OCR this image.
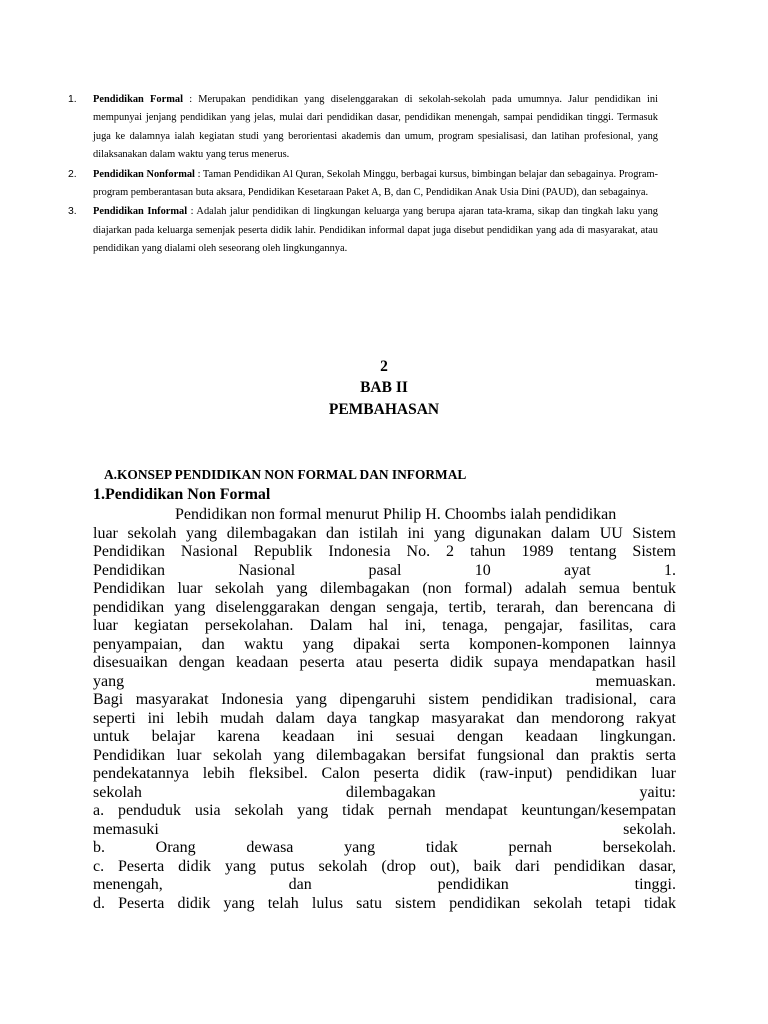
1. Pendidikan Formal : Merupakan pendidikan yang diselenggarakan di sekolah-sekolah pada umumnya. Jalur pendidikan ini mempunyai jenjang pendidikan yang jelas, mulai dari pendidikan dasar, pendidikan menengah, sampai pendidikan tinggi. Termasuk juga ke dalamnya ialah kegiatan studi yang berorientasi akademis dan umum, program spesialisasi, dan latihan profesional, yang dilaksanakan dalam waktu yang terus menerus.

2. Pendidikan Nonformal : Taman Pendidikan Al Quran, Sekolah Minggu, berbagai kursus, bimbingan belajar dan sebagainya. Program-program pemberantasan buta aksara, Pendidikan Kesetaraan Paket A, B, dan C, Pendidikan Anak Usia Dini (PAUD), dan sebagainya.

3. Pendidikan Informal : Adalah jalur pendidikan di lingkungan keluarga yang berupa ajaran tata-krama, sikap dan tingkah laku yang diajarkan pada keluarga semenjak peserta didik lahir. Pendidikan informal dapat juga disebut pendidikan yang ada di masyarakat, atau pendidikan yang dialami oleh seseorang oleh lingkungannya.

2
BAB II
PEMBAHASAN
A.KONSEP PENDIDIKAN NON FORMAL DAN INFORMAL
1.Pendidikan Non Formal
Pendidikan non formal menurut Philip H. Choombs ialah pendidikan
luar sekolah yang dilembagakan dan istilah ini yang digunakan dalam UU Sistem
Pendidikan Nasional Republik Indonesia No. 2 tahun 1989 tentang Sistem
Pendidikan Nasional pasal 10 ayat 1.
Pendidikan luar sekolah yang dilembagakan (non formal) adalah semua bentuk
pendidikan yang diselenggarakan dengan sengaja, tertib, terarah, dan berencana di
luar kegiatan persekolahan. Dalam hal ini, tenaga, pengajar, fasilitas, cara
penyampaian, dan waktu yang dipakai serta komponen-komponen lainnya
disesuaikan dengan keadaan peserta atau peserta didik supaya mendapatkan hasil
yang memuaskan.
Bagi masyarakat Indonesia yang dipengaruhi sistem pendidikan tradisional, cara
seperti ini lebih mudah dalam daya tangkap masyarakat dan mendorong rakyat
untuk belajar karena keadaan ini sesuai dengan keadaan lingkungan.
Pendidikan luar sekolah yang dilembagakan bersifat fungsional dan praktis serta
pendekatannya lebih fleksibel. Calon peserta didik (raw-input) pendidikan luar
sekolah dilembagakan yaitu:
a. penduduk usia sekolah yang tidak pernah mendapat keuntungan/kesempatan
memasuki sekolah.
b. Orang dewasa yang tidak pernah bersekolah.
c. Peserta didik yang putus sekolah (drop out), baik dari pendidikan dasar,
menengah, dan pendidikan tinggi.
d. Peserta didik yang telah lulus satu sistem pendidikan sekolah tetapi tidak
